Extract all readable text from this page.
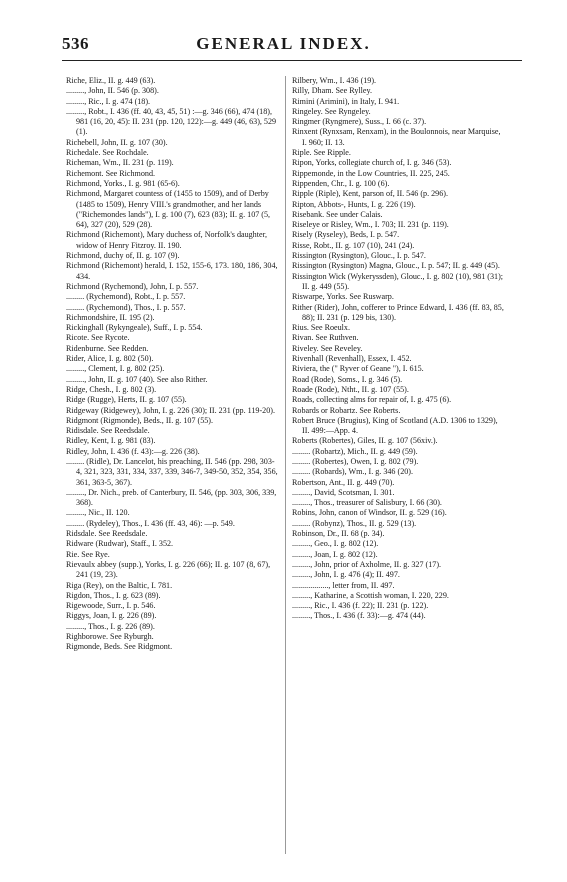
536	GENERAL INDEX.

Riche, Eliz., II. g. 449 (63).

........., John, II. 546 (p. 308).

........., Ric., I. g. 474 (18).

........., Robt., I. 436 (ff. 40, 43, 45, 51) :—g. 346 (66), 474 (18), 981 (16, 20, 45): II. 231 (pp. 120, 122):—g. 449 (46, 63), 529 (1).

Richebell, John, II. g. 107 (30).

Richedale. See Rochdale.

Richeman, Wm., II. 231 (p. 119).

Richemont. See Richmond.

Richmond, Yorks., I. g. 981 (65-6).

Richmond, Margaret countess of (1455 to 1509), and of Derby (1485 to 1509), Henry VIII.'s grandmother, and her lands ("Richemondes lands"), I. g. 100 (7), 623 (83); II. g. 107 (5, 64), 327 (20), 529 (28).

Richmond (Richemont), Mary duchess of, Norfolk's daughter, widow of Henry Fitzroy. II. 190.

Richmond, duchy of, II. g. 107 (9).

Richmond (Richemont) herald, I. 152, 155-6, 173. 180, 186, 304, 434.

Richmond (Rychemond), John, I. p. 557.

......... (Rychemond), Robt., I. p. 557.

......... (Rychemond), Thos., I. p. 557.

Richmondshire, II. 195 (2).

Rickinghall (Rykyngeale), Suff., I. p. 554.

Ricote. See Rycote.

Ridenburne. See Redden.

Rider, Alice, I. g. 802 (50).

........., Clement, I. g. 802 (25).

........., John, II. g. 107 (40). See also Rither.

Ridge, Chesh., I. g. 802 (3).

Ridge (Rugge), Herts, II. g. 107 (55).

Ridgeway (Ridgewey), John, I. g. 226 (30); II. 231 (pp. 119-20).

Ridgmont (Rigmonde), Beds., II. g. 107 (55).

Ridisdale. See Reedsdale.

Ridley, Kent, I. g. 981 (83).

Ridley, John, I. 436 (f. 43):—g. 226 (38).

......... (Ridle), Dr. Lancelot, his preaching, II. 546 (pp. 298, 303-4, 321, 323, 331, 334, 337, 339, 346-7, 349-50, 352, 354, 356, 361, 363-5, 367).

........., Dr. Nich., preb. of Canterbury, II. 546, (pp. 303, 306, 339, 368).

........., Nic., II. 120.

......... (Rydeley), Thos., I. 436 (ff. 43, 46): —p. 549.

Ridsdale. See Reedsdale.

Ridware (Rudwar), Staff., I. 352.

Rie. See Rye.

Rievaulx abbey (supp.), Yorks, I. g. 226 (66); II. g. 107 (8, 67), 241 (19, 23).

Riga (Rey), on the Baltic, I. 781.

Rigdon, Thos., I. g. 623 (89).

Rigewoode, Surr., I. p. 546.

Riggys, Joan, I. g. 226 (89).

........., Thos., I. g. 226 (89).

Righborowe. See Ryburgh.

Rigmonde, Beds. See Ridgmont.

Rilbery, Wm., I. 436 (19).

Rilly, Dham. See Rylley.

Rimini (Arimini), in Italy, I. 941.

Ringeley. See Ryngeley.

Ringmer (Ryngmere), Suss., I. 66 (c. 37).

Rinxent (Rynxsam, Renxam), in the Boulonnois, near Marquise, I. 960; II. 13.

Riple. See Ripple.

Ripon, Yorks, collegiate church of, I. g. 346 (53).

Rippemonde, in the Low Countries, II. 225, 245.

Rippenden, Chr., I. g. 100 (6).

Ripple (Riple), Kent, parson of, II. 546 (p. 296).

Ripton, Abbots-, Hunts, I. g. 226 (19).

Risebank. See under Calais.

Riseleye or Risley, Wm., I. 703; II. 231 (p. 119).

Risely (Ryseley), Beds, I. p. 547.

Risse, Robt., II. g. 107 (10), 241 (24).

Rissington (Rysington), Glouc., I. p. 547.

Rissington (Rysington) Magna, Glouc., I. p. 547; II. g. 449 (45).

Rissington Wick (Wykeryssden), Glouc., I. g. 802 (10), 981 (31); II. g. 449 (55).

Riswarpe, Yorks. See Ruswarp.

Rither (Rider), John, cofferer to Prince Edward, I. 436 (ff. 83, 85, 88); II. 231 (p. 129 bis, 130).

Rius. See Roeulx.

Rivan. See Ruthven.

Riveley. See Reveley.

Rivenhall (Revenhall), Essex, I. 452.

Riviera, the (" Ryver of Geane "), I. 615.

Road (Rode), Soms., I. g. 346 (5).

Roade (Rode), Ntht., II. g. 107 (55).

Roads, collecting alms for repair of, I. g. 475 (6).

Robards or Robartz. See Roberts.

Robert Bruce (Brugius), King of Scotland (A.D. 1306 to 1329), II. 499:—App. 4.

Roberts (Robertes), Giles, II. g. 107 (56xiv.).

......... (Robartz), Mich., II. g. 449 (59).

......... (Robertes), Owen, I. g. 802 (79).

......... (Robards), Wm., I. g. 346 (20).

Robertson, Ant., II. g. 449 (70).

........., David, Scotsman, I. 301.

........., Thos., treasurer of Salisbury, I. 66 (30).

Robins, John, canon of Windsor, II. g. 529 (16).

......... (Robynz), Thos., II. g. 529 (13).

Robinson, Dr., II. 68 (p. 34).

........., Geo., I. g. 802 (12).

........., Joan, I. g. 802 (12).

........., John, prior of Axholme, II. g. 327 (17).

........., John, I. g. 476 (4); II. 497.

.................., letter from, II. 497.

........., Katharine, a Scottish woman, I. 220, 229.

........., Ric., I. 436 (f. 22); II. 231 (p. 122).

........., Thos., I. 436 (f. 33):—g. 474 (44).
